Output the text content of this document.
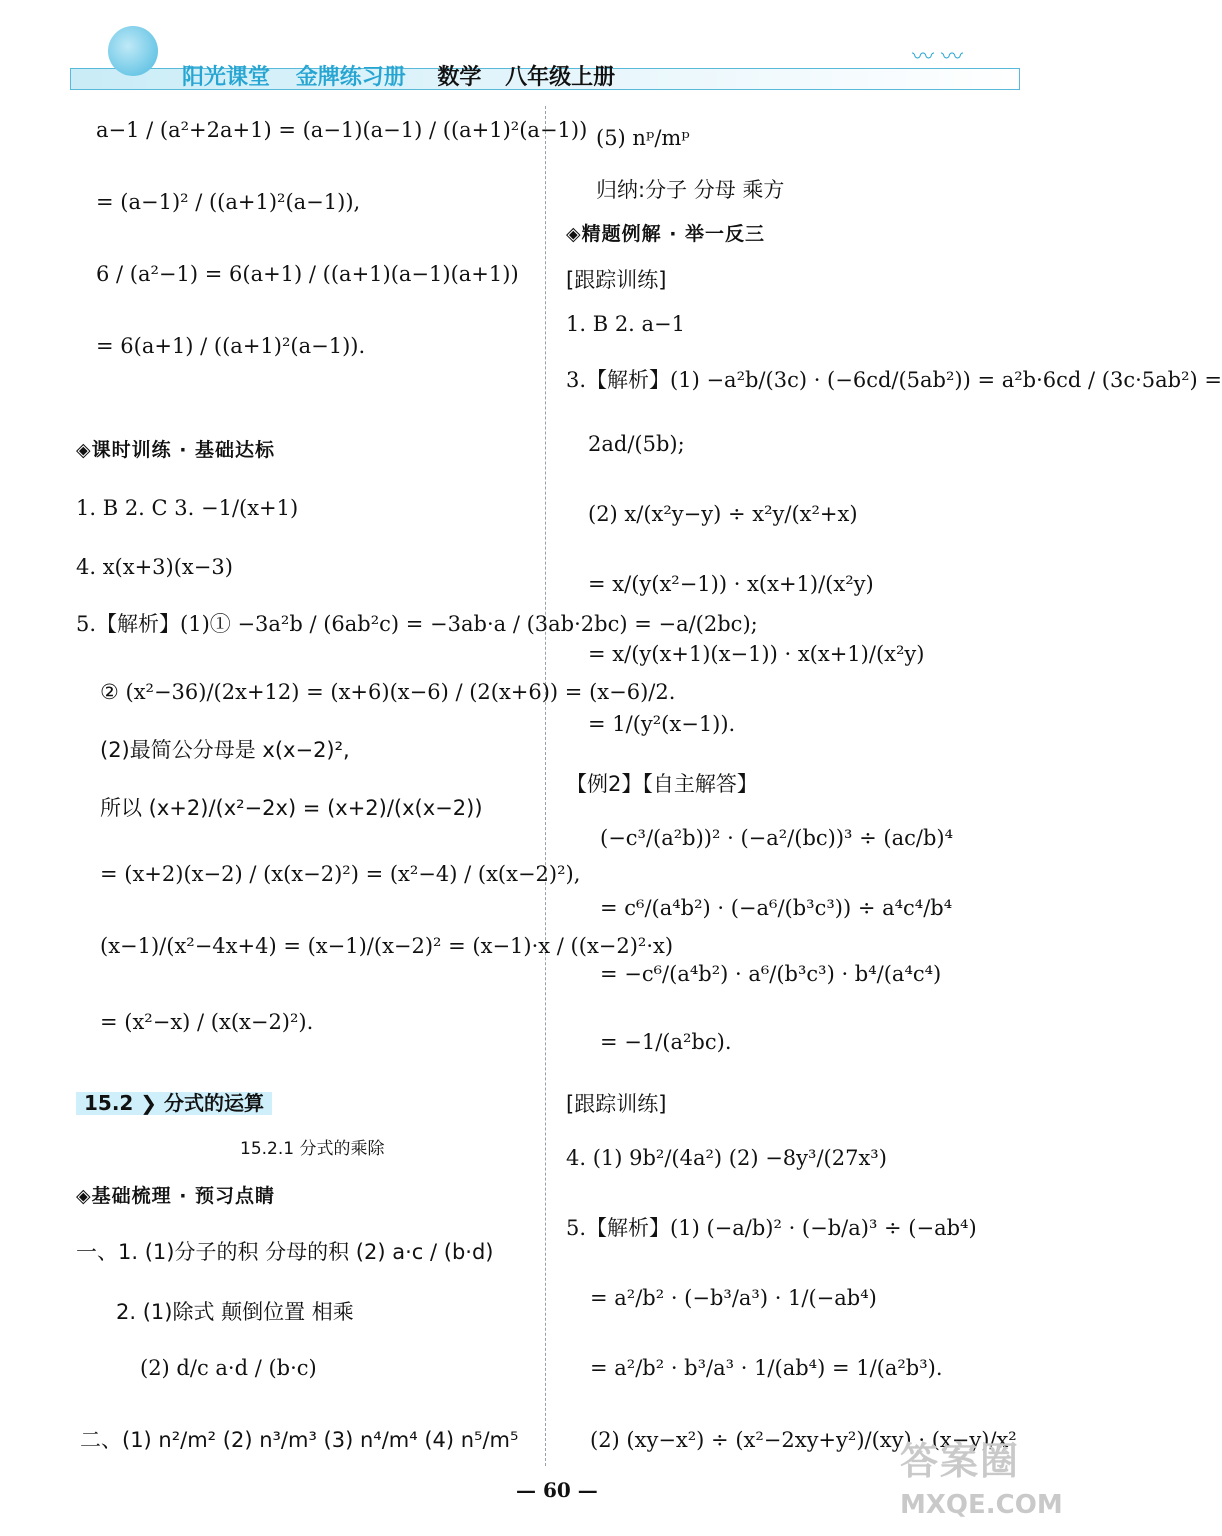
阳光课堂 金牌练习册 数学 八年级上册
〰 〰
a−1 / (a²+2a+1) = (a−1)(a−1) / ((a+1)²(a−1))
= (a−1)² / ((a+1)²(a−1)),
6 / (a²−1) = 6(a+1) / ((a+1)(a−1)(a+1))
= 6(a+1) / ((a+1)²(a−1)).
◈课时训练 · 基础达标
1. B 2. C 3. −1/(x+1)
4. x(x+3)(x−3)
5.【解析】(1)① −3a²b / (6ab²c) = −3ab·a / (3ab·2bc) = −a/(2bc);
② (x²−36)/(2x+12) = (x+6)(x−6) / (2(x+6)) = (x−6)/2.
(2)最简公分母是 x(x−2)²,
所以 (x+2)/(x²−2x) = (x+2)/(x(x−2))
= (x+2)(x−2) / (x(x−2)²) = (x²−4) / (x(x−2)²),
(x−1)/(x²−4x+4) = (x−1)/(x−2)² = (x−1)·x / ((x−2)²·x)
= (x²−x) / (x(x−2)²).
15.2 ❯ 分式的运算
15.2.1 分式的乘除
◈基础梳理 · 预习点睛
一、1. (1)分子的积 分母的积 (2) a·c / (b·d)
2. (1)除式 颠倒位置 相乘
(2) d/c a·d / (b·c)
二、(1) n²/m² (2) n³/m³ (3) n⁴/m⁴ (4) n⁵/m⁵
(5) nᵖ/mᵖ
归纳:分子 分母 乘方
◈精题例解 · 举一反三
[跟踪训练]
1. B 2. a−1
3.【解析】(1) −a²b/(3c) · (−6cd/(5ab²)) = a²b·6cd / (3c·5ab²) =
2ad/(5b);
(2) x/(x²y−y) ÷ x²y/(x²+x)
= x/(y(x²−1)) · x(x+1)/(x²y)
= x/(y(x+1)(x−1)) · x(x+1)/(x²y)
= 1/(y²(x−1)).
【例2】【自主解答】
(−c³/(a²b))² · (−a²/(bc))³ ÷ (ac/b)⁴
= c⁶/(a⁴b²) · (−a⁶/(b³c³)) ÷ a⁴c⁴/b⁴
= −c⁶/(a⁴b²) · a⁶/(b³c³) · b⁴/(a⁴c⁴)
= −1/(a²bc).
[跟踪训练]
4. (1) 9b²/(4a²) (2) −8y³/(27x³)
5.【解析】(1) (−a/b)² · (−b/a)³ ÷ (−ab⁴)
= a²/b² · (−b³/a³) · 1/(−ab⁴)
= a²/b² · b³/a³ · 1/(ab⁴) = 1/(a²b³).
(2) (xy−x²) ÷ (x²−2xy+y²)/(xy) · (x−y)/x²
— 60 —
答案圈
MXQE.COM
